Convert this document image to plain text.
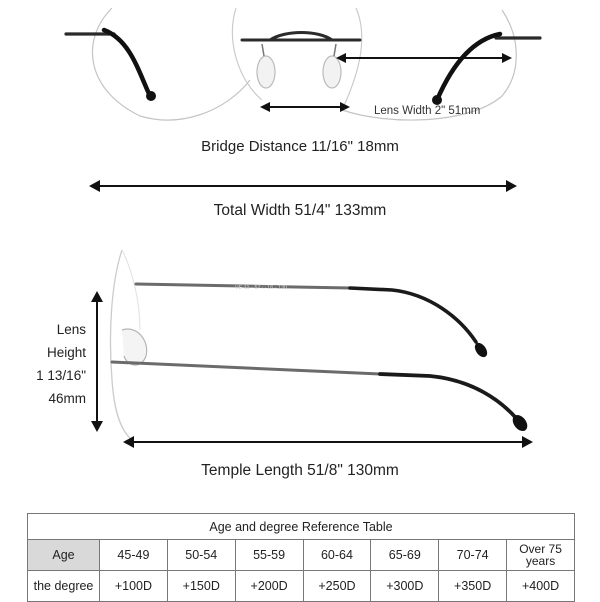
VE 11 · 57 □ 18 · 130
Lens Width 2" 51mm
Bridge Distance 11/16" 18mm
Total Width 51/4" 133mm
Lens
Height
1 13/16"
46mm
Temple Length 51/8" 130mm
Age and degree Reference Table							
Age	45-49	50-54	55-59	60-64	65-69	70-74	Over 75 years
the degree	+100D	+150D	+200D	+250D	+300D	+350D	+400D
